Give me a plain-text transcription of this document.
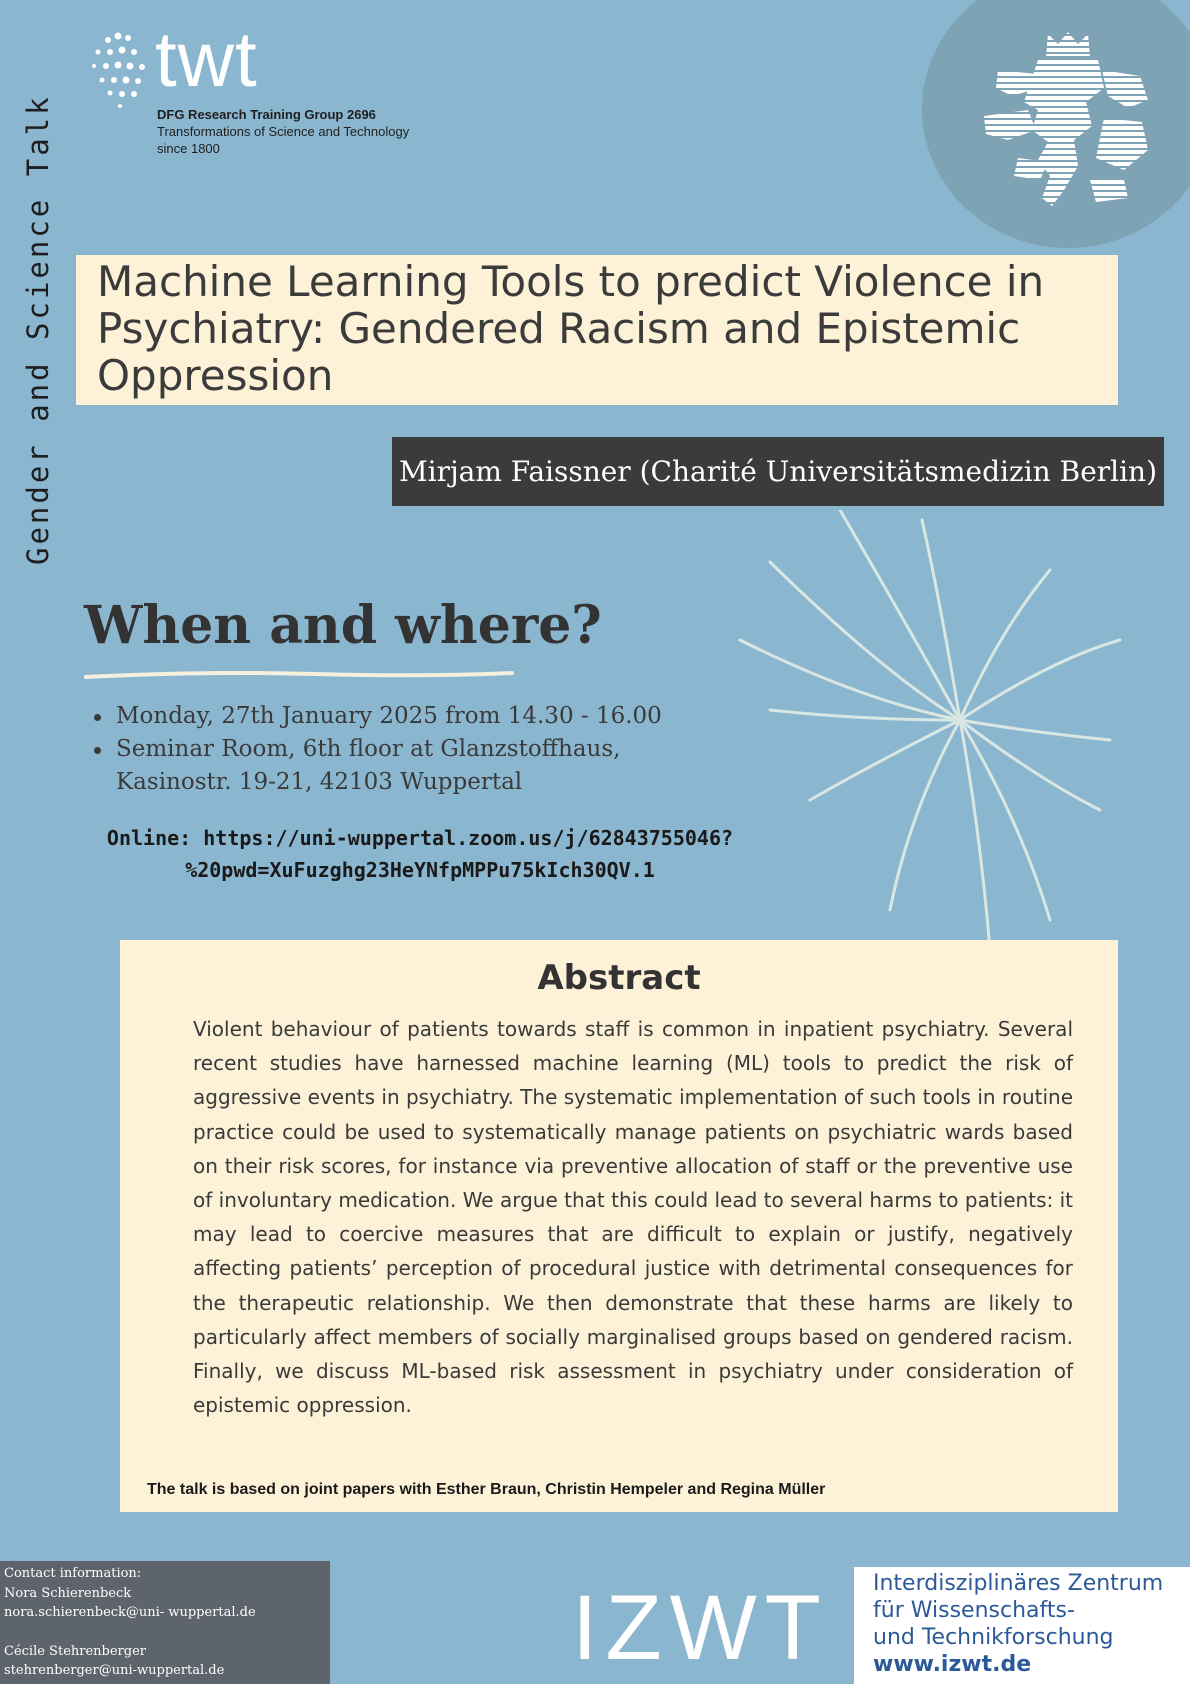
Gender and Science Talk
twt
DFG Research Training Group 2696
Transformations of Science and Technology
since 1800
Machine Learning Tools to predict Violence in Psychiatry: Gendered Racism and Epistemic Oppression
Mirjam Faissner (Charité Universitätsmedizin Berlin)
When and where?
Monday, 27th January 2025 from 14.30 - 16.00
Seminar Room, 6th floor at Glanzstoffhaus,
Kasinostr. 19-21, 42103 Wuppertal
Online: https://uni-wuppertal.zoom.us/j/62843755046?
%20pwd=XuFuzghg23HeYNfpMPPu75kIch30QV.1
Abstract

Violent behaviour of patients towards staff is common in inpatient psychiatry. Several recent studies have harnessed machine learning (ML) tools to predict the risk of aggressive events in psychiatry. The systematic implementation of such tools in routine practice could be used to systematically manage patients on psychiatric wards based on their risk scores, for instance via preventive allocation of staff or the preventive use of involuntary medication. We argue that this could lead to several harms to patients: it may lead to coercive measures that are difficult to explain or justify, negatively affecting patients’ perception of procedural justice with detrimental consequences for the therapeutic relationship. We then demonstrate that these harms are likely to particularly affect members of socially marginalised groups based on gendered racism. Finally, we discuss ML-based risk assessment in psychiatry under consideration of epistemic oppression.

The talk is based on joint papers with Esther Braun, Christin Hempeler and Regina Müller
Contact information:
Nora Schierenbeck
nora.schierenbeck@uni- wuppertal.de
Cécile Stehrenberger
stehrenberger@uni-wuppertal.de	IZWT Interdisziplinäres Zentrum
für Wissenschafts-
und Technikforschung
www.izwt.de
